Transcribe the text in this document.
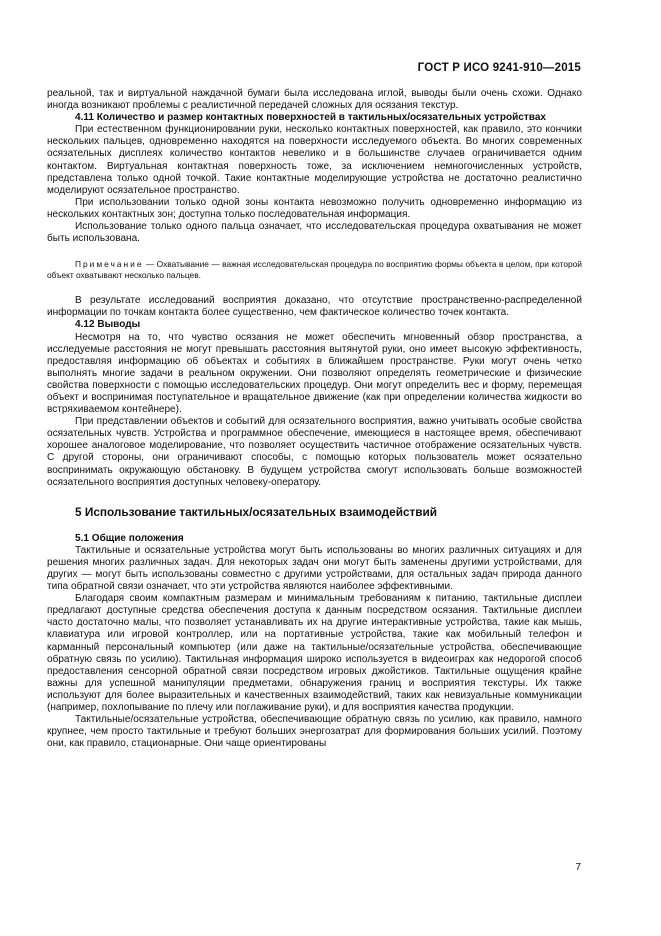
ГОСТ Р ИСО 9241-910—2015

реальной, так и виртуальной наждачной бумаги была исследована иглой, выводы были очень схожи. Однако иногда возникают проблемы с реалистичной передачей сложных для осязания текстур.

4.11 Количество и размер контактных поверхностей в тактильных/осязательных устройствах

При естественном функционировании руки, несколько контактных поверхностей, как правило, это кончики нескольких пальцев, одновременно находятся на поверхности исследуемого объекта. Во многих современных осязательных дисплеях количество контактов невелико и в большинстве случаев ограничивается одним контактом. Виртуальная контактная поверхность тоже, за исключением немногочисленных устройств, представлена только одной точкой. Такие контактные моделирующие устройства не достаточно реалистично моделируют осязательное пространство.

При использовании только одной зоны контакта невозможно получить одновременно информацию из нескольких контактных зон; доступна только последовательная информация.

Использование только одного пальца означает, что исследовательская процедура охватывания не может быть использована.

Примечание — Охватывание — важная исследовательская процедура по восприятию формы объекта в целом, при которой объект охватывают несколько пальцев.

В результате исследований восприятия доказано, что отсутствие пространственно-распределенной информации по точкам контакта более существенно, чем фактическое количество точек контакта.

4.12 Выводы

Несмотря на то, что чувство осязания не может обеспечить мгновенный обзор пространства, а исследуемые расстояния не могут превышать расстояния вытянутой руки, оно имеет высокую эффективность, предоставляя информацию об объектах и событиях в ближайшем пространстве. Руки могут очень четко выполнять многие задачи в реальном окружении. Они позволяют определять геометрические и физические свойства поверхности с помощью исследовательских процедур. Они могут определить вес и форму, перемещая объект и воспринимая поступательное и вращательное движение (как при определении количества жидкости во встряхиваемом контейнере).

При представлении объектов и событий для осязательного восприятия, важно учитывать особые свойства осязательных чувств. Устройства и программное обеспечение, имеющиеся в настоящее время, обеспечивают хорошее аналоговое моделирование, что позволяет осуществить частичное отображение осязательных чувств. С другой стороны, они ограничивают способы, с помощью которых пользователь может осязательно воспринимать окружающую обстановку. В будущем устройства смогут использовать больше возможностей осязательного восприятия доступных человеку-оператору.

5 Использование тактильных/осязательных взаимодействий

5.1 Общие положения

Тактильные и осязательные устройства могут быть использованы во многих различных ситуациях и для решения многих различных задач. Для некоторых задач они могут быть заменены другими устройствами, для других — могут быть использованы совместно с другими устройствами, для остальных задач природа данного типа обратной связи означает, что эти устройства являются наиболее эффективными.

Благодаря своим компактным размерам и минимальным требованиям к питанию, тактильные дисплеи предлагают доступные средства обеспечения доступа к данным посредством осязания. Тактильные дисплеи часто достаточно малы, что позволяет устанавливать их на другие интерактивные устройства, такие как мышь, клавиатура или игровой контроллер, или на портативные устройства, такие как мобильный телефон и карманный персональный компьютер (или даже на тактильные/осязательные устройства, обеспечивающие обратную связь по усилию). Тактильная информация широко используется в видеоиграх как недорогой способ предоставления сенсорной обратной связи посредством игровых джойстиков. Тактильные ощущения крайне важны для успешной манипуляции предметами, обнаружения границ и восприятия текстуры. Их также используют для более выразительных и качественных взаимодействий, таких как невизуальные коммуникации (например, похлопывание по плечу или поглаживание руки), и для восприятия качества продукции.

Тактильные/осязательные устройства, обеспечивающие обратную связь по усилию, как правило, намного крупнее, чем просто тактильные и требуют больших энергозатрат для формирования больших усилий. Поэтому они, как правило, стационарные. Они чаще ориентированы

7
